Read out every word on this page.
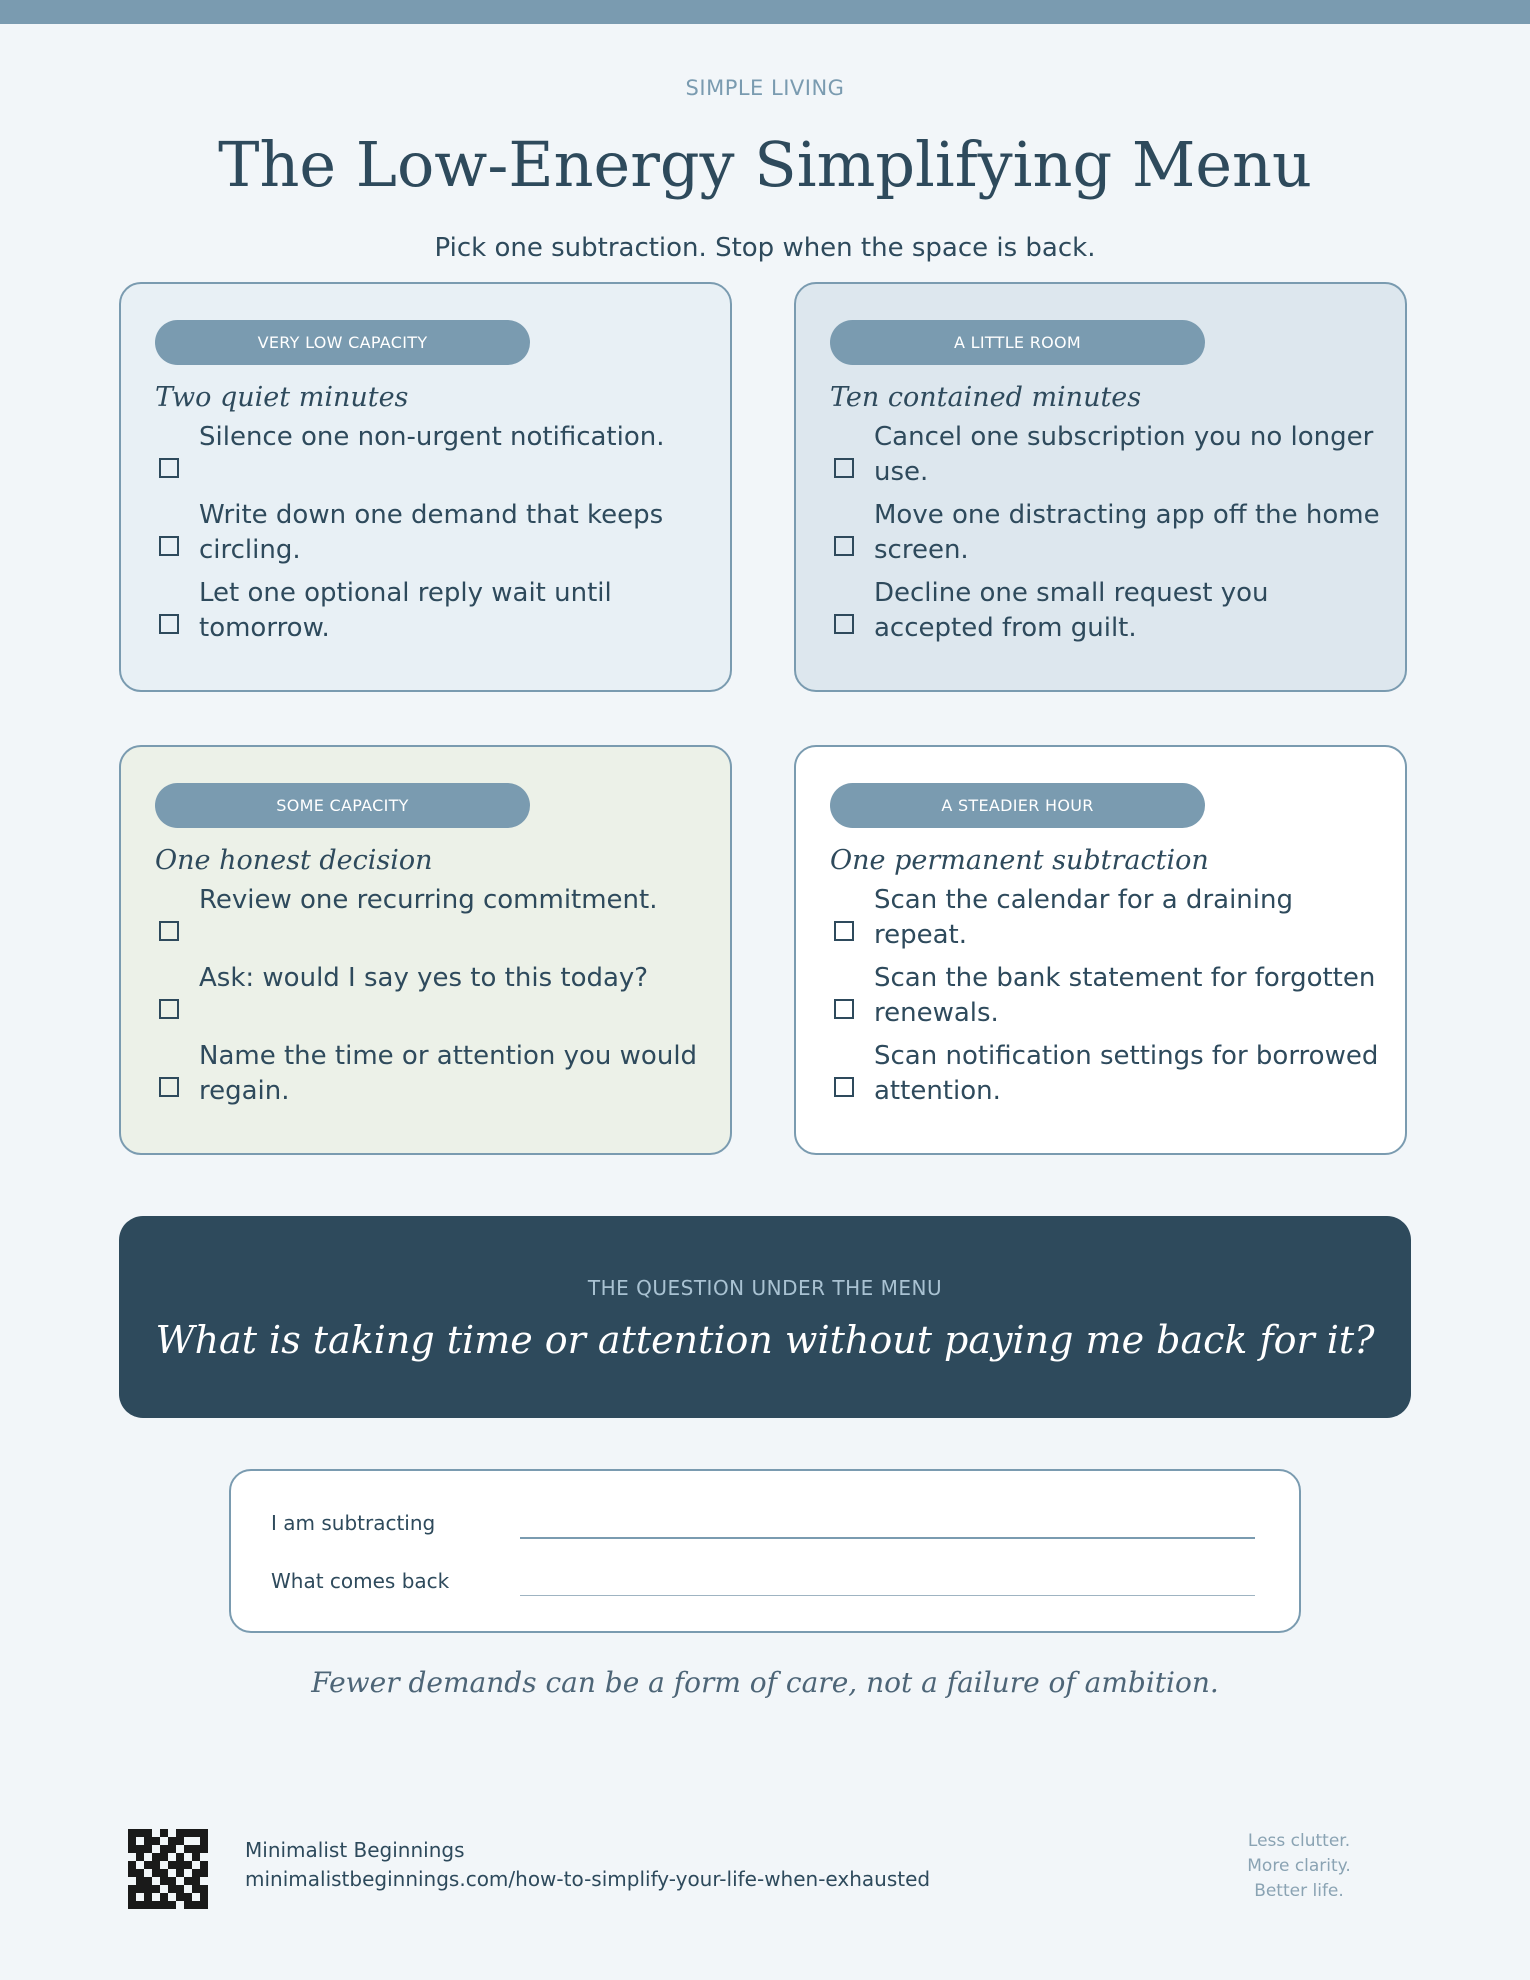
SIMPLE LIVING
The Low-Energy Simplifying Menu
Pick one subtraction. Stop when the space is back.
VERY LOW CAPACITY
Two quiet minutes
Silence one non-urgent notification.
Write down one demand that keeps circling.
Let one optional reply wait until tomorrow.
A LITTLE ROOM
Ten contained minutes
Cancel one subscription you no longer use.
Move one distracting app off the home screen.
Decline one small request you accepted from guilt.
SOME CAPACITY
One honest decision
Review one recurring commitment.
Ask: would I say yes to this today?
Name the time or attention you would regain.
A STEADIER HOUR
One permanent subtraction
Scan the calendar for a draining repeat.
Scan the bank statement for forgotten renewals.
Scan notification settings for borrowed attention.
THE QUESTION UNDER THE MENU
What is taking time or attention without paying me back for it?
I am subtracting
What comes back
Fewer demands can be a form of care, not a failure of ambition.
Minimalist Beginnings
minimalistbeginnings.com/how-to-simplify-your-life-when-exhausted
Less clutter.
More clarity.
Better life.
